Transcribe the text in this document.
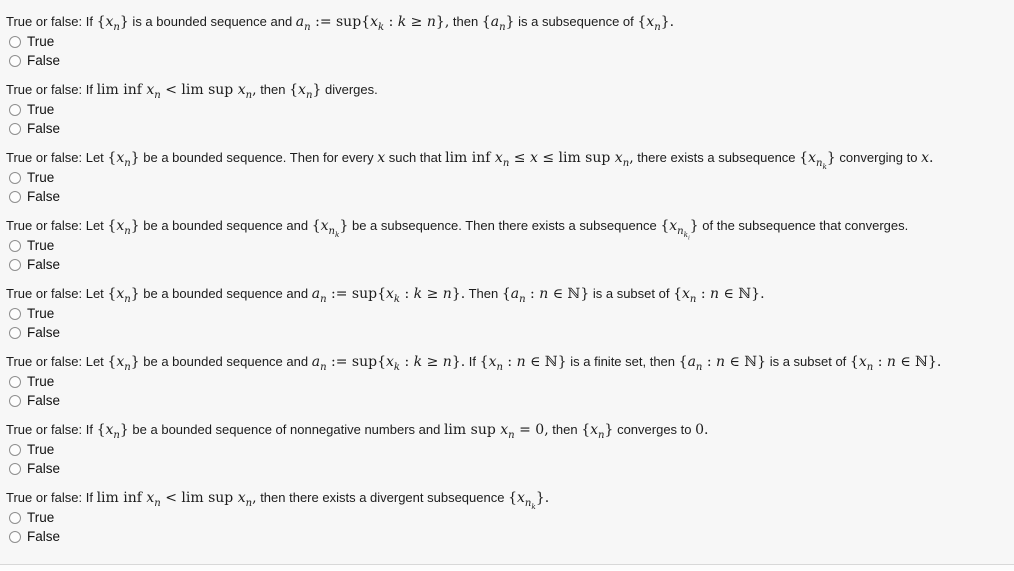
True or false: If $\{x_n\}$ is a bounded sequence and $a_n$ := $sup\{x_k$ : k ≥ n}, then $\{a_n\}$ is a subsequence of $\{x_n\}$.
True
False
True or false: If lim inf $x_n < \lim$ sup $x_n$, then $\{x_n\}$ diverges.
True
False
True or false: Let $\{x_n\}$ be a bounded sequence. Then for every x such that lim inf $x_n \le x \le \lim$ sup $x_n$, there exists a subsequence $\{x_{n_k}\}$ converging to x.
True
False
True or false: Let $\{x_n\}$ be a bounded sequence and $\{x_{n_k}\}$ be a subsequence. Then there exists a subsequence $\{x_{n_{k_i}}\}$ of the subsequence that converges.
True
False
True or false: Let $\{x_n\}$ be a bounded sequence and $a_n$ := $sup\{x_k$ : k ≥ n}. Then {$a_n$ : n ∈ ℕ} is a subset of {$x_n$ : n ∈ ℕ}.
True
False
True or false: Let $\{x_n\}$ be a bounded sequence and $a_n$ := $sup\{x_k$ : k ≥ n}. If {$x_n$ : n ∈ ℕ} is a finite set, then {$a_n$ : n ∈ ℕ} is a subset of {$x_n$ : n ∈ ℕ}.
True
False
True or false: If $\{x_n\}$ be a bounded sequence of nonnegative numbers and lim sup $x_n = 0$, then $\{x_n\}$ converges to 0.
True
False
True or false: If lim inf $x_n < \lim$ sup $x_n$, then there exists a divergent subsequence $\{x_{n_k}\}$.
True
False
